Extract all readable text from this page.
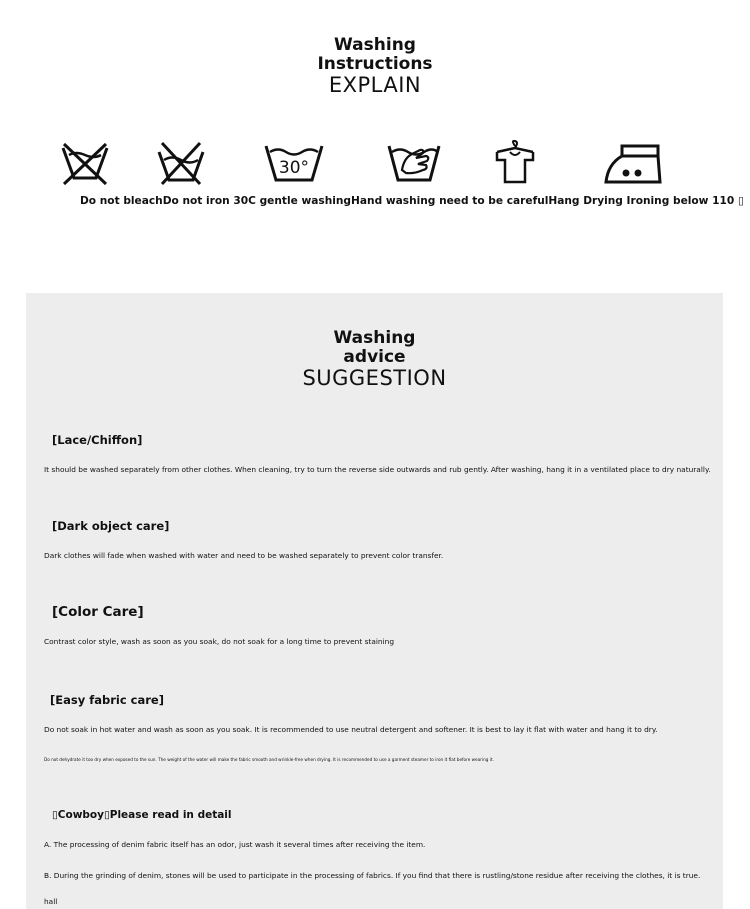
Washing
Instructions
EXPLAIN
30°
Do not bleachDo not iron 30C gentle washingHand washing need to be carefulHang Drying Ironing below 110 ▯
Washing
advice
SUGGESTION
[Lace/Chiffon]
It should be washed separately from other clothes. When cleaning, try to turn the reverse side outwards and rub gently. After washing, hang it in a ventilated place to dry naturally.
[Dark object care]
Dark clothes will fade when washed with water and need to be washed separately to prevent color transfer.
[Color Care]
Contrast color style, wash as soon as you soak, do not soak for a long time to prevent staining
[Easy fabric care]
Do not soak in hot water and wash as soon as you soak. It is recommended to use neutral detergent and softener. It is best to lay it flat with water and hang it to dry.
Do not dehydrate it too dry when exposed to the sun. The weight of the water will make the fabric smooth and wrinkle-free when drying. It is recommended to use a garment steamer to iron it flat before wearing it.
▯Cowboy▯Please read in detail
A. The processing of denim fabric itself has an odor, just wash it several times after receiving the item.
B. During the grinding of denim, stones will be used to participate in the processing of fabrics. If you find that there is rustling/stone residue after receiving the clothes, it is true.
hall
